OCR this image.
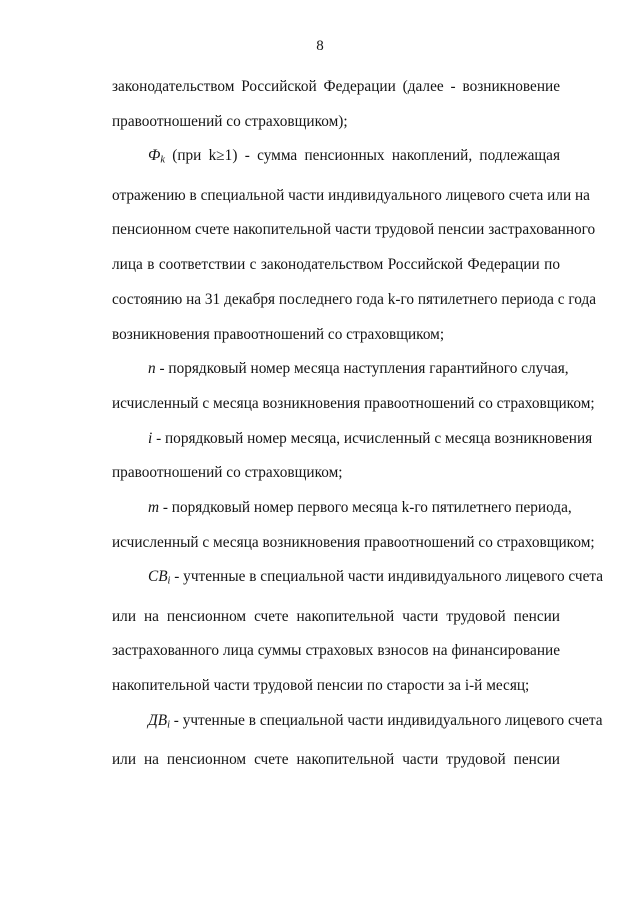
8

законодательством Российской Федерации (далее - возникновение
правоотношений со страховщиком);

$Ф_k$ (при k≥1) - сумма пенсионных накоплений, подлежащая
отражению в специальной части индивидуального лицевого счета или на
пенсионном счете накопительной части трудовой пенсии застрахованного
лица в соответствии с законодательством Российской Федерации по
состоянию на 31 декабря последнего года k-го пятилетнего периода с года
возникновения правоотношений со страховщиком;

n - порядковый номер месяца наступления гарантийного случая,
исчисленный с месяца возникновения правоотношений со страховщиком;

i - порядковый номер месяца, исчисленный с месяца возникновения
правоотношений со страховщиком;

m - порядковый номер первого месяца k-го пятилетнего периода,
исчисленный с месяца возникновения правоотношений со страховщиком;

$СВ_i$ - учтенные в специальной части индивидуального лицевого счета
или на пенсионном счете накопительной части трудовой пенсии
застрахованного лица суммы страховых взносов на финансирование
накопительной части трудовой пенсии по старости за i-й месяц;

$ДВ_i$ - учтенные в специальной части индивидуального лицевого счета
или на пенсионном счете накопительной части трудовой пенсии
